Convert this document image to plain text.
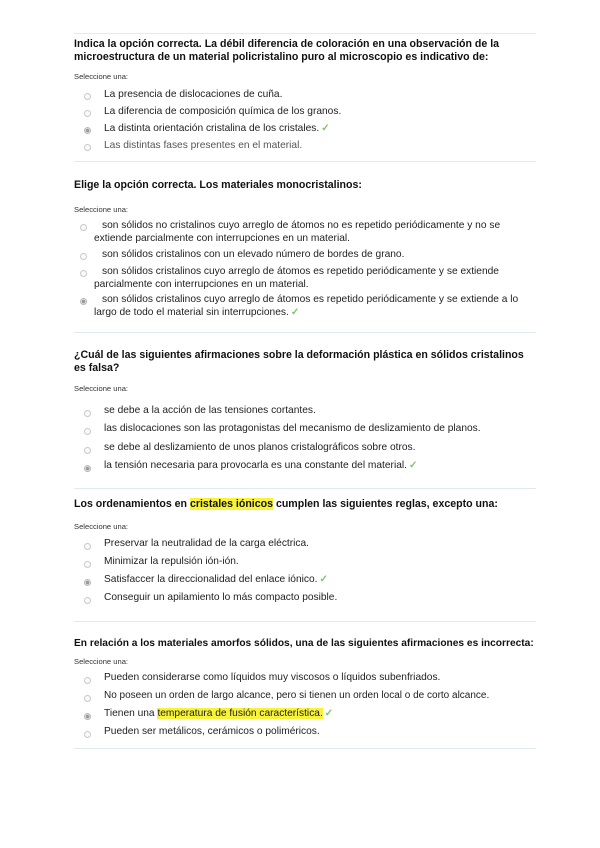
Indica la opción correcta. La débil diferencia de coloración en una observación de la microestructura de un material policristalino puro al microscopio es indicativo de:
Seleccione una:
La presencia de dislocaciones de cuña.
La diferencia de composición química de los granos.
La distinta orientación cristalina de los cristales. ✓
Las distintas fases presentes en el material.
Elige la opción correcta. Los materiales monocristalinos:
Seleccione una:
son sólidos no cristalinos cuyo arreglo de átomos no es repetido periódicamente y no se extiende parcialmente con interrupciones en un material.
son sólidos cristalinos con un elevado número de bordes de grano.
son sólidos cristalinos cuyo arreglo de átomos es repetido periódicamente y se extiende parcialmente con interrupciones en un material.
son sólidos cristalinos cuyo arreglo de átomos es repetido periódicamente y se extiende a lo largo de todo el material sin interrupciones. ✓
¿Cuál de las siguientes afirmaciones sobre la deformación plástica en sólidos cristalinos es falsa?
Seleccione una:
se debe a la acción de las tensiones cortantes.
las dislocaciones son las protagonistas del mecanismo de deslizamiento de planos.
se debe al deslizamiento de unos planos cristalográficos sobre otros.
la tensión necesaria para provocarla es una constante del material. ✓
Los ordenamientos en cristales iónicos cumplen las siguientes reglas, excepto una:
Seleccione una:
Preservar la neutralidad de la carga eléctrica.
Minimizar la repulsión ión-ión.
Satisfaccer la direccionalidad del enlace iónico. ✓
Conseguir un apilamiento lo más compacto posible.
En relación a los materiales amorfos sólidos, una de las siguientes afirmaciones es incorrecta:
Seleccione una:
Pueden considerarse como líquidos muy viscosos o líquidos subenfriados.
No poseen un orden de largo alcance, pero si tienen un orden local o de corto alcance.
Tienen una temperatura de fusión característica. ✓
Pueden ser metálicos, cerámicos o poliméricos.
